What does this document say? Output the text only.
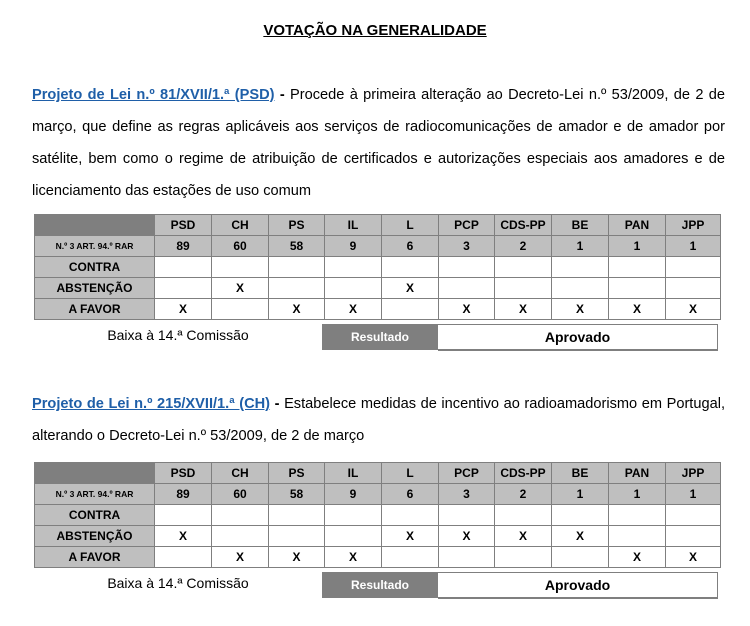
VOTAÇÃO NA GENERALIDADE

Projeto de Lei n.º 81/XVII/1.ª (PSD) - Procede à primeira alteração ao Decreto-Lei n.º 53/2009, de 2 de março, que define as regras aplicáveis aos serviços de radiocomunicações de amador e de amador por satélite, bem como o regime de atribuição de certificados e autorizações especiais aos amadores e de licenciamento das estações de uso comum

	PSD	CH	PS	IL	L	PCP	CDS-PP	BE	PAN	JPP
N.º 3 ART. 94.º RAR	89	60	58	9	6	3	2	1	1	1
CONTRA										
ABSTENÇÃO		X			X					
A FAVOR	X		X	X		X	X	X	X	X
Baixa à 14.ª Comissão	Resultado	Aprovado

Projeto de Lei n.º 215/XVII/1.ª (CH) - Estabelece medidas de incentivo ao radioamadorismo em Portugal, alterando o Decreto-Lei n.º 53/2009, de 2 de março

	PSD	CH	PS	IL	L	PCP	CDS-PP	BE	PAN	JPP
N.º 3 ART. 94.º RAR	89	60	58	9	6	3	2	1	1	1
CONTRA										
ABSTENÇÃO	X				X	X	X	X		
A FAVOR		X	X	X					X	X
Baixa à 14.ª Comissão	Resultado	Aprovado
